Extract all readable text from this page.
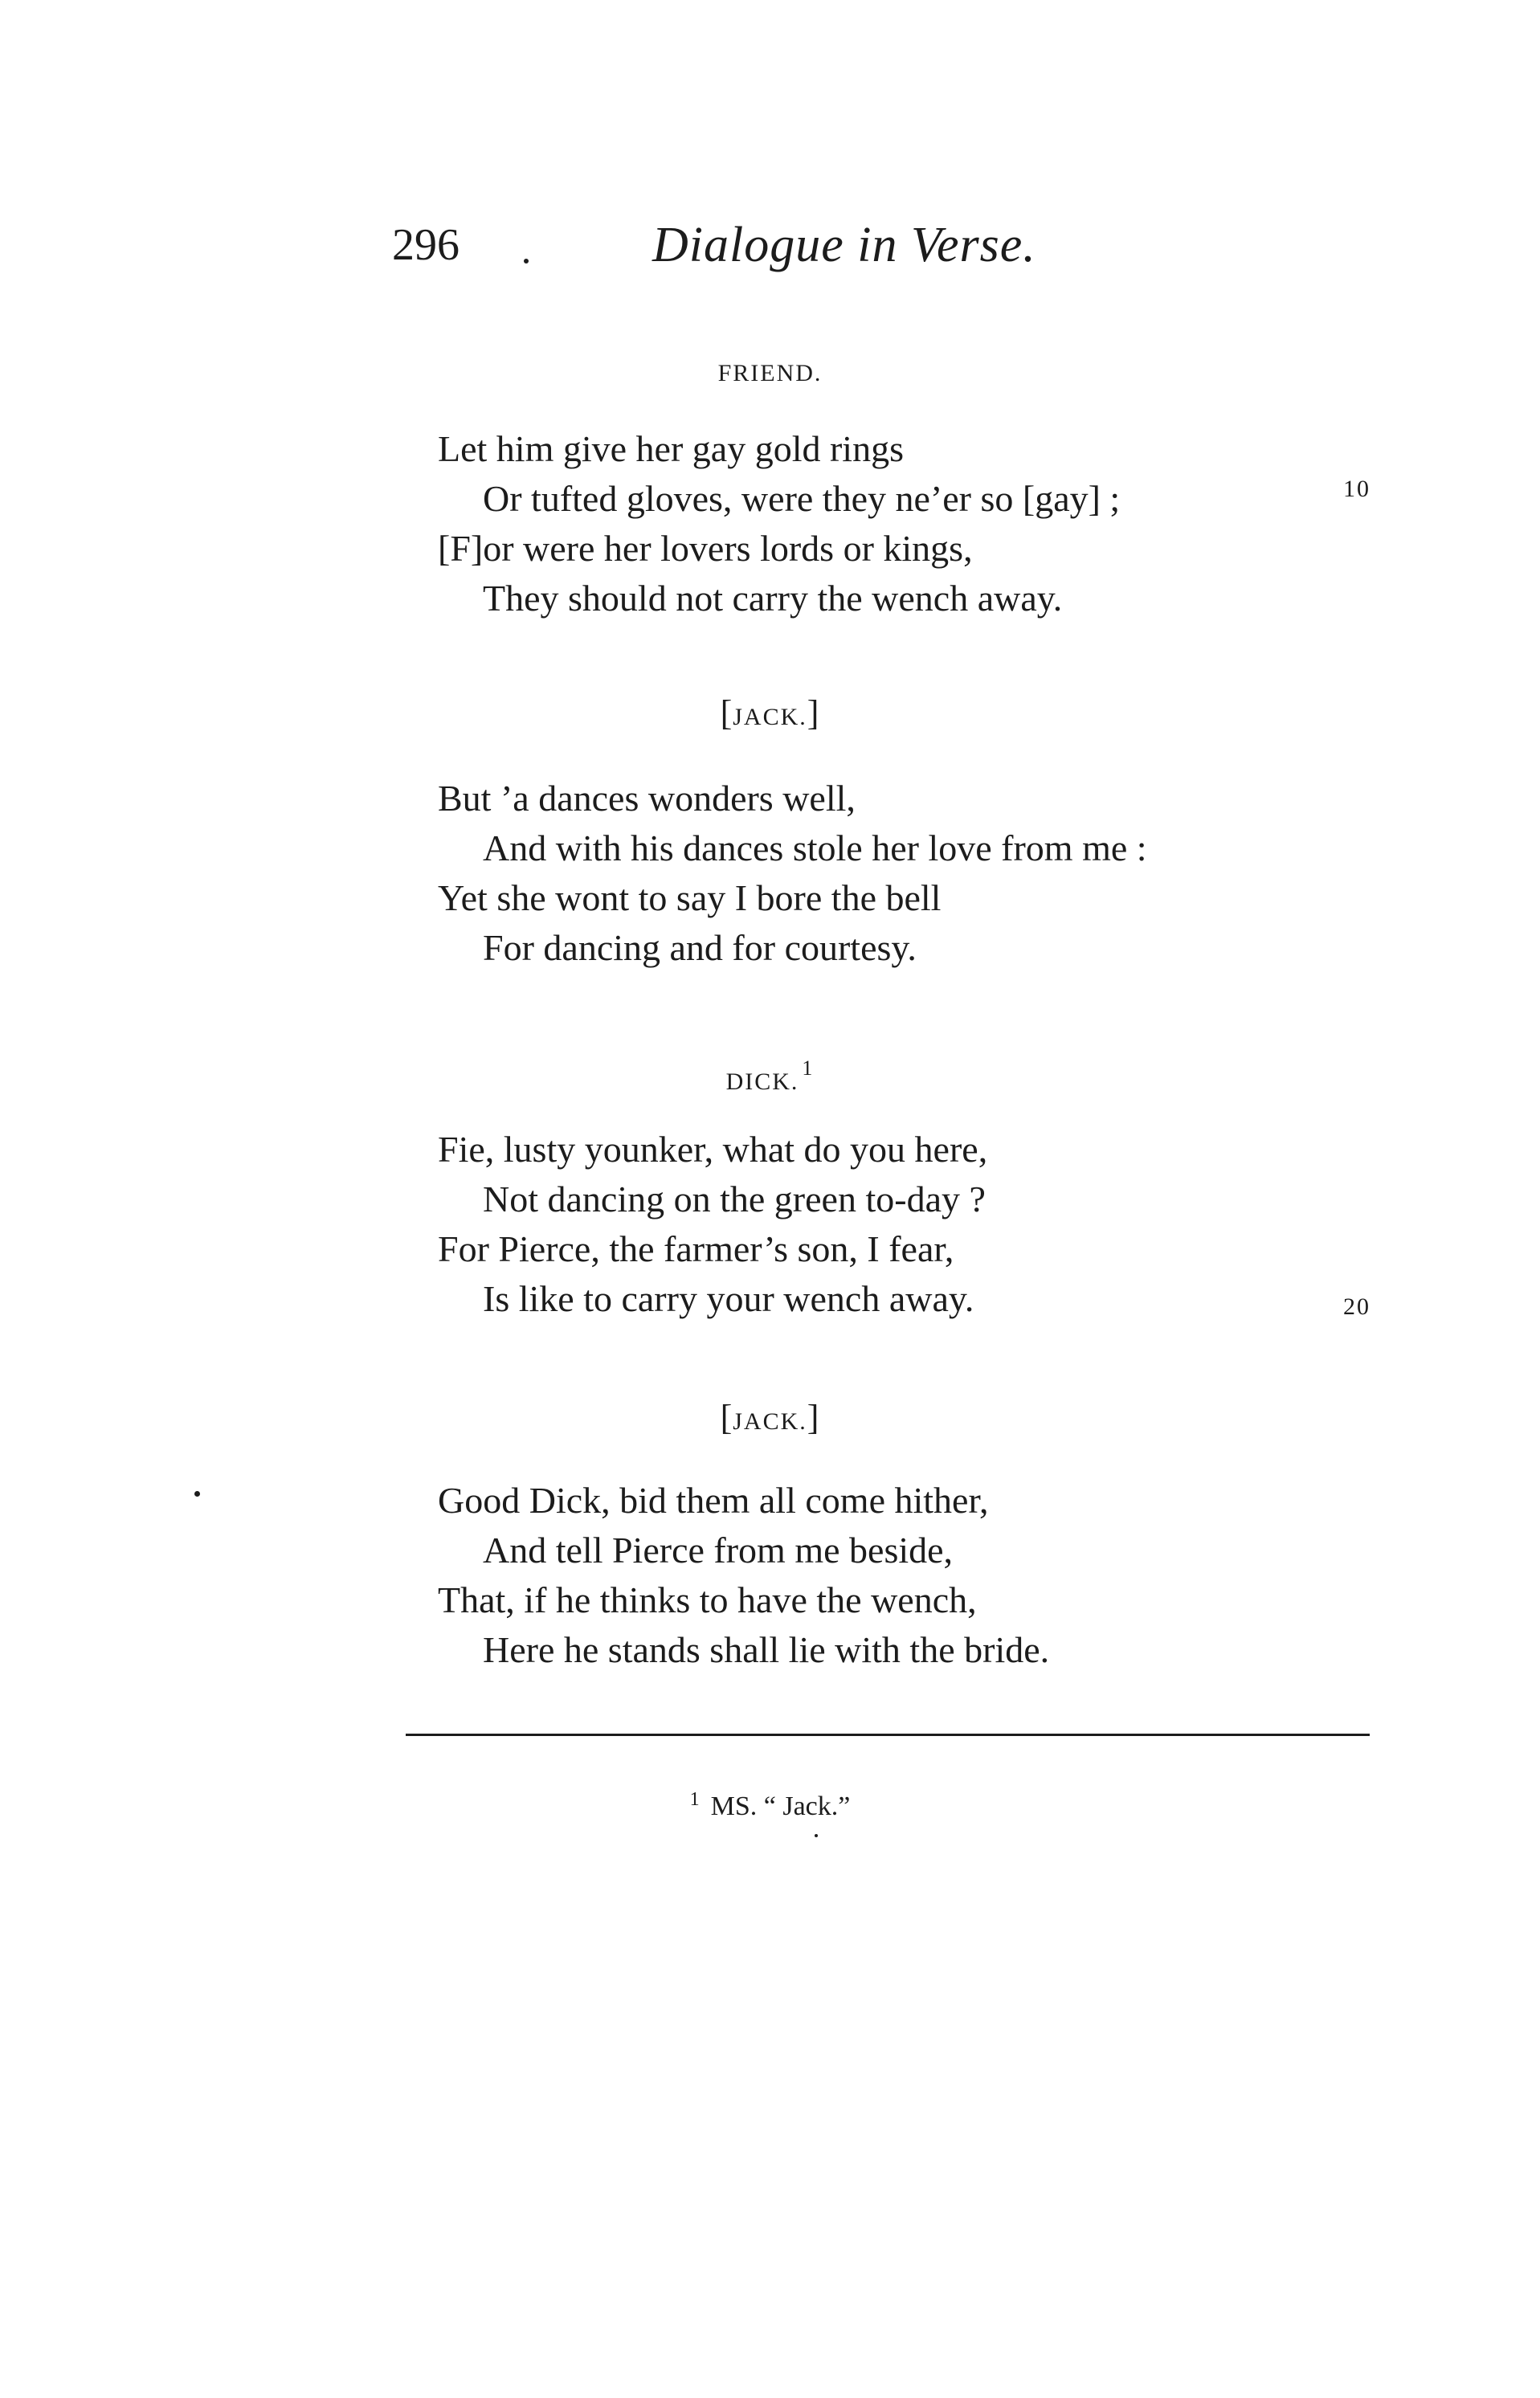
296	Dialogue in Verse.
FRIEND.
Let him give her gay gold rings
Or tufted gloves, were they ne’er so [gay] ;
[F]or were her lovers lords or kings,
They should not carry the wench away.
10
[JACK.]
But ’a dances wonders well,
And with his dances stole her love from me :
Yet she wont to say I bore the bell
For dancing and for courtesy.
DICK.1
Fie, lusty younker, what do you here,
Not dancing on the green to-day ?
For Pierce, the farmer’s son, I fear,
Is like to carry your wench away.	20
[JACK.]
Good Dick, bid them all come hither,
And tell Pierce from me beside,
That, if he thinks to have the wench,
Here he stands shall lie with the bride.
$^1$ MS. “ Jack.”
